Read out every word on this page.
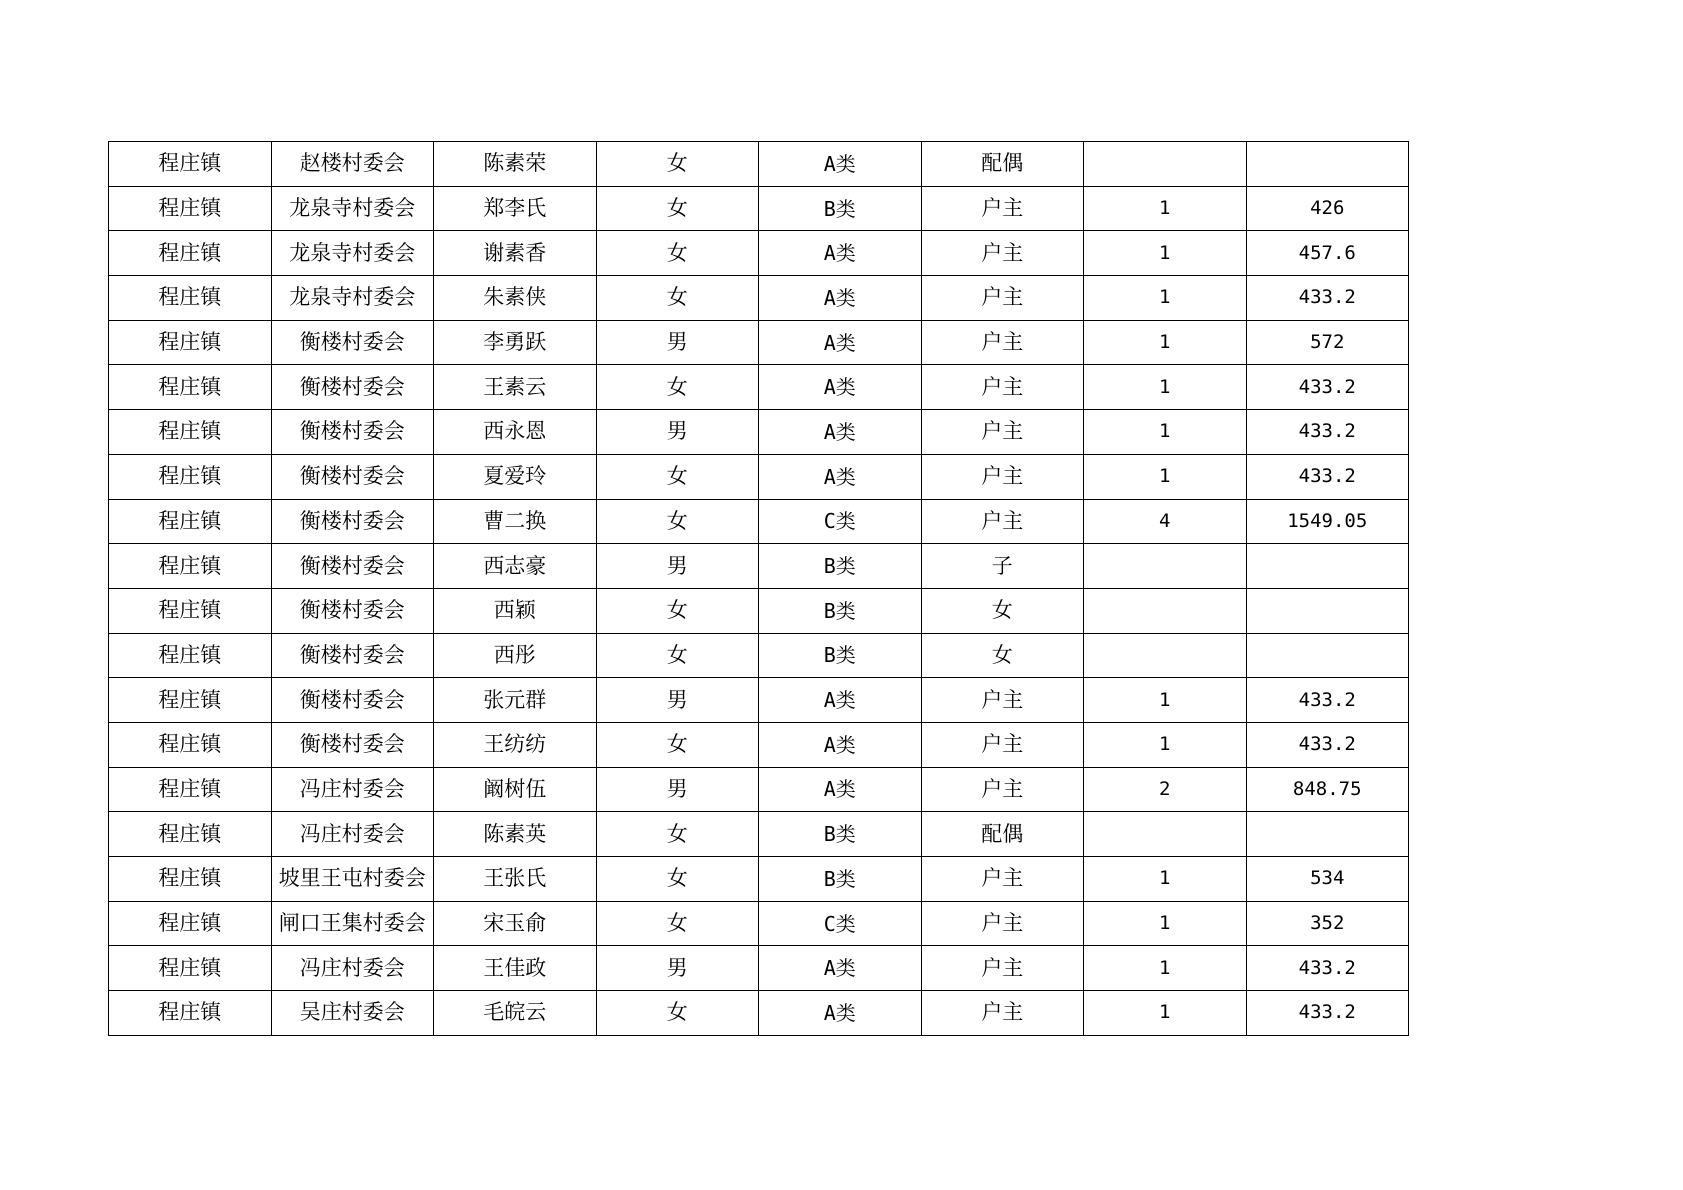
程庄镇	赵楼村委会	陈素荣	女	A类	配偶		
程庄镇	龙泉寺村委会	郑李氏	女	B类	户主	1	426
程庄镇	龙泉寺村委会	谢素香	女	A类	户主	1	457.6
程庄镇	龙泉寺村委会	朱素侠	女	A类	户主	1	433.2
程庄镇	衡楼村委会	李勇跃	男	A类	户主	1	572
程庄镇	衡楼村委会	王素云	女	A类	户主	1	433.2
程庄镇	衡楼村委会	西永恩	男	A类	户主	1	433.2
程庄镇	衡楼村委会	夏爱玲	女	A类	户主	1	433.2
程庄镇	衡楼村委会	曹二换	女	C类	户主	4	1549.05
程庄镇	衡楼村委会	西志豪	男	B类	子		
程庄镇	衡楼村委会	西颖	女	B类	女		
程庄镇	衡楼村委会	西彤	女	B类	女		
程庄镇	衡楼村委会	张元群	男	A类	户主	1	433.2
程庄镇	衡楼村委会	王纺纺	女	A类	户主	1	433.2
程庄镇	冯庄村委会	阚树伍	男	A类	户主	2	848.75
程庄镇	冯庄村委会	陈素英	女	B类	配偶		
程庄镇	坡里王屯村委会	王张氏	女	B类	户主	1	534
程庄镇	闸口王集村委会	宋玉俞	女	C类	户主	1	352
程庄镇	冯庄村委会	王佳政	男	A类	户主	1	433.2
程庄镇	吴庄村委会	毛皖云	女	A类	户主	1	433.2
